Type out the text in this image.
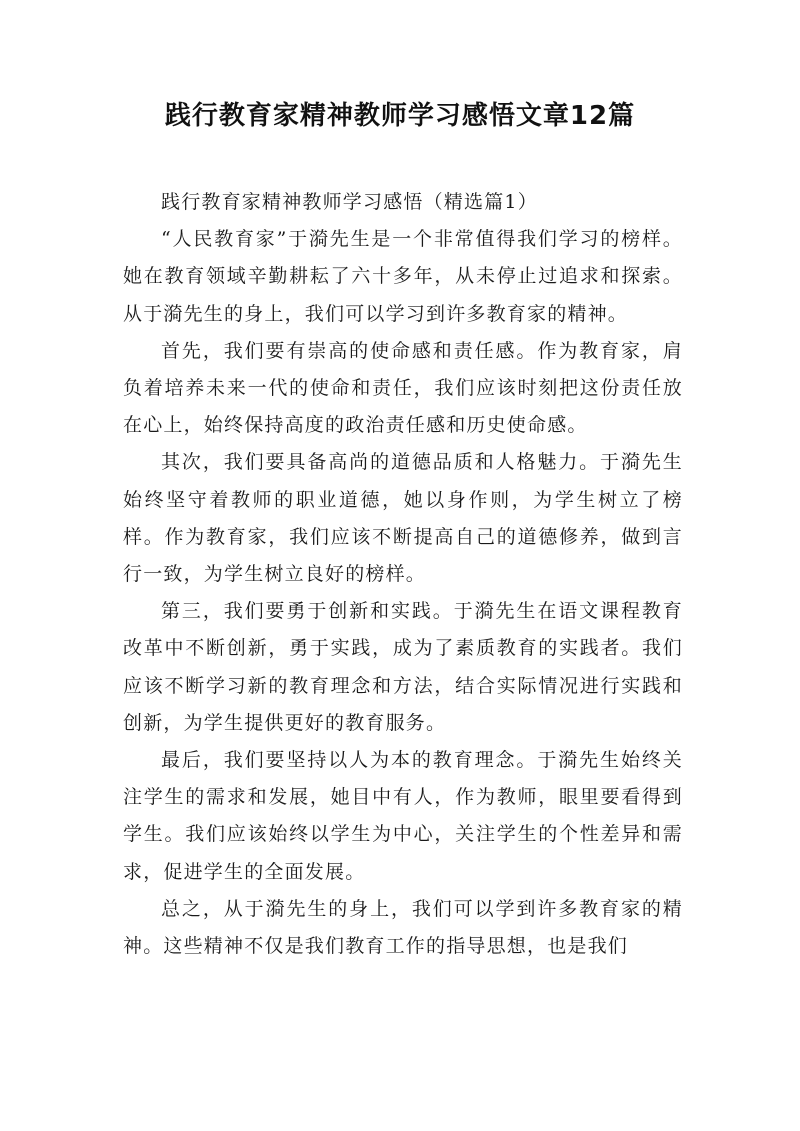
践行教育家精神教师学习感悟文章12篇

践行教育家精神教师学习感悟（精选篇1）

“人民教育家”于漪先生是一个非常值得我们学习的榜样。她在教育领域辛勤耕耘了六十多年，从未停止过追求和探索。从于漪先生的身上，我们可以学习到许多教育家的精神。

首先，我们要有崇高的使命感和责任感。作为教育家，肩负着培养未来一代的使命和责任，我们应该时刻把这份责任放在心上，始终保持高度的政治责任感和历史使命感。

其次，我们要具备高尚的道德品质和人格魅力。于漪先生始终坚守着教师的职业道德，她以身作则，为学生树立了榜样。作为教育家，我们应该不断提高自己的道德修养，做到言行一致，为学生树立良好的榜样。

第三，我们要勇于创新和实践。于漪先生在语文课程教育改革中不断创新，勇于实践，成为了素质教育的实践者。我们应该不断学习新的教育理念和方法，结合实际情况进行实践和创新，为学生提供更好的教育服务。

最后，我们要坚持以人为本的教育理念。于漪先生始终关注学生的需求和发展，她目中有人，作为教师，眼里要看得到学生。我们应该始终以学生为中心，关注学生的个性差异和需求，促进学生的全面发展。

总之，从于漪先生的身上，我们可以学到许多教育家的精神。这些精神不仅是我们教育工作的指导思想，也是我们
